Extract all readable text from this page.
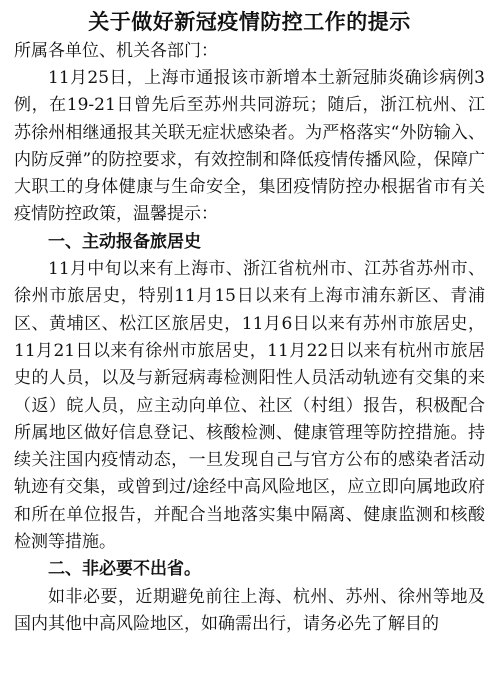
关于做好新冠疫情防控工作的提示

所属各单位、机关各部门：

11月25日，上海市通报该市新增本土新冠肺炎确诊病例3例，在19-21日曾先后至苏州共同游玩；随后，浙江杭州、江苏徐州相继通报其关联无症状感染者。为严格落实“外防输入、内防反弹”的防控要求，有效控制和降低疫情传播风险，保障广大职工的身体健康与生命安全，集团疫情防控办根据省市有关疫情防控政策，温馨提示：

一、主动报备旅居史

11月中旬以来有上海市、浙江省杭州市、江苏省苏州市、徐州市旅居史，特别11月15日以来有上海市浦东新区、青浦区、黄埔区、松江区旅居史，11月6日以来有苏州市旅居史，11月21日以来有徐州市旅居史，11月22日以来有杭州市旅居史的人员，以及与新冠病毒检测阳性人员活动轨迹有交集的来（返）皖人员，应主动向单位、社区（村组）报告，积极配合所属地区做好信息登记、核酸检测、健康管理等防控措施。持续关注国内疫情动态，一旦发现自己与官方公布的感染者活动轨迹有交集，或曾到过/途经中高风险地区，应立即向属地政府和所在单位报告，并配合当地落实集中隔离、健康监测和核酸检测等措施。

二、非必要不出省。

如非必要，近期避免前往上海、杭州、苏州、徐州等地及国内其他中高风险地区，如确需出行，请务必先了解目的
